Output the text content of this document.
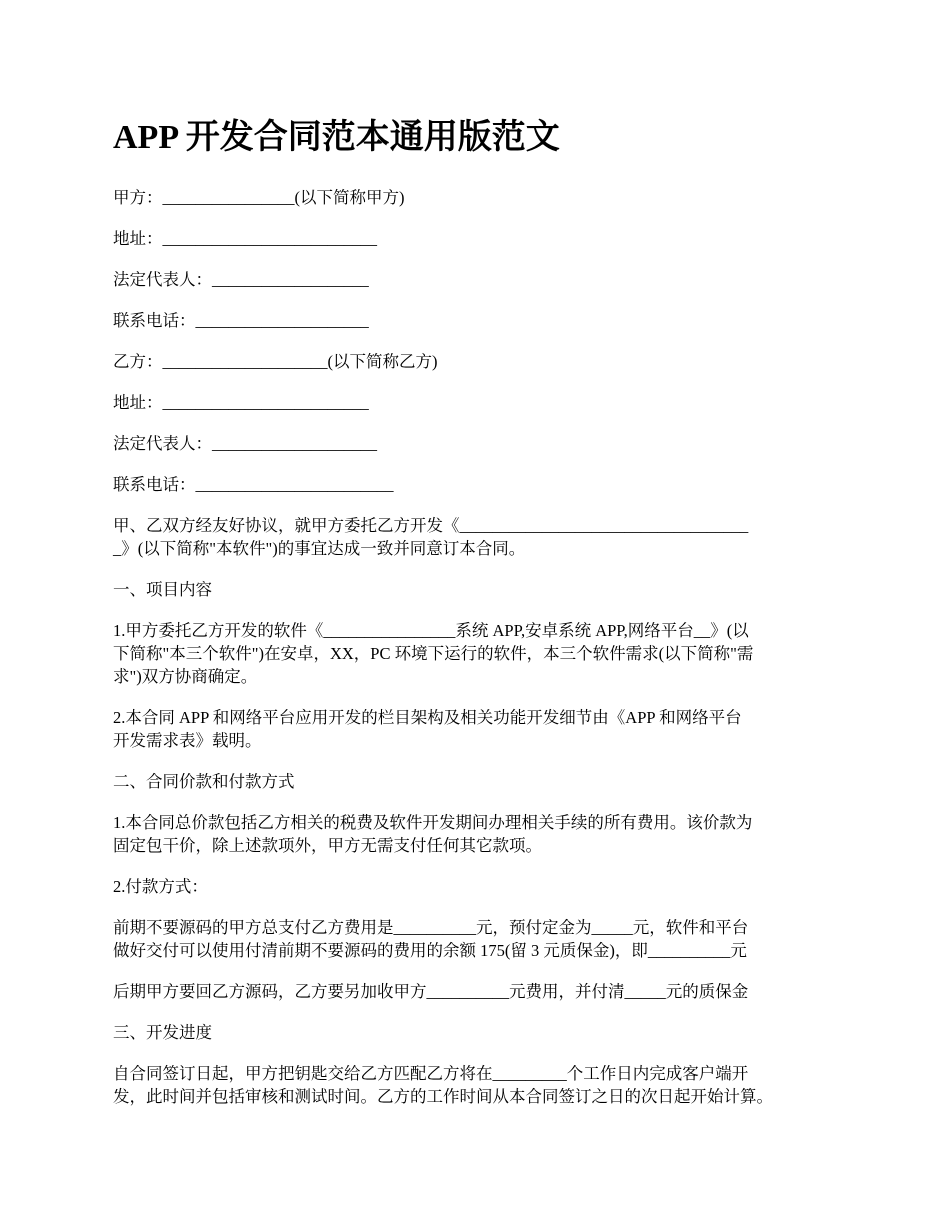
APP 开发合同范本通用版范文
甲方：________________(以下简称甲方)
地址：__________________________
法定代表人：___________________
联系电话：_____________________
乙方：____________________(以下简称乙方)
地址：_________________________
法定代表人：____________________
联系电话：________________________
甲、乙双方经友好协议，就甲方委托乙方开发《___________________________________
_》(以下简称"本软件")的事宜达成一致并同意订本合同。
一、项目内容
1.甲方委托乙方开发的软件《________________系统 APP,安卓系统 APP,网络平台__》(以
下简称"本三个软件")在安卓，XX，PC 环境下运行的软件，本三个软件需求(以下简称"需
求")双方协商确定。
2.本合同 APP 和网络平台应用开发的栏目架构及相关功能开发细节由《APP 和网络平台
开发需求表》载明。
二、合同价款和付款方式
1.本合同总价款包括乙方相关的税费及软件开发期间办理相关手续的所有费用。该价款为
固定包干价，除上述款项外，甲方无需支付任何其它款项。
2.付款方式：
前期不要源码的甲方总支付乙方费用是__________元，预付定金为_____元，软件和平台
做好交付可以使用付清前期不要源码的费用的余额 175(留 3 元质保金)，即__________元
后期甲方要回乙方源码，乙方要另加收甲方__________元费用，并付清_____元的质保金
三、开发进度
自合同签订日起，甲方把钥匙交给乙方匹配乙方将在_________个工作日内完成客户端开
发，此时间并包括审核和测试时间。乙方的工作时间从本合同签订之日的次日起开始计算。
